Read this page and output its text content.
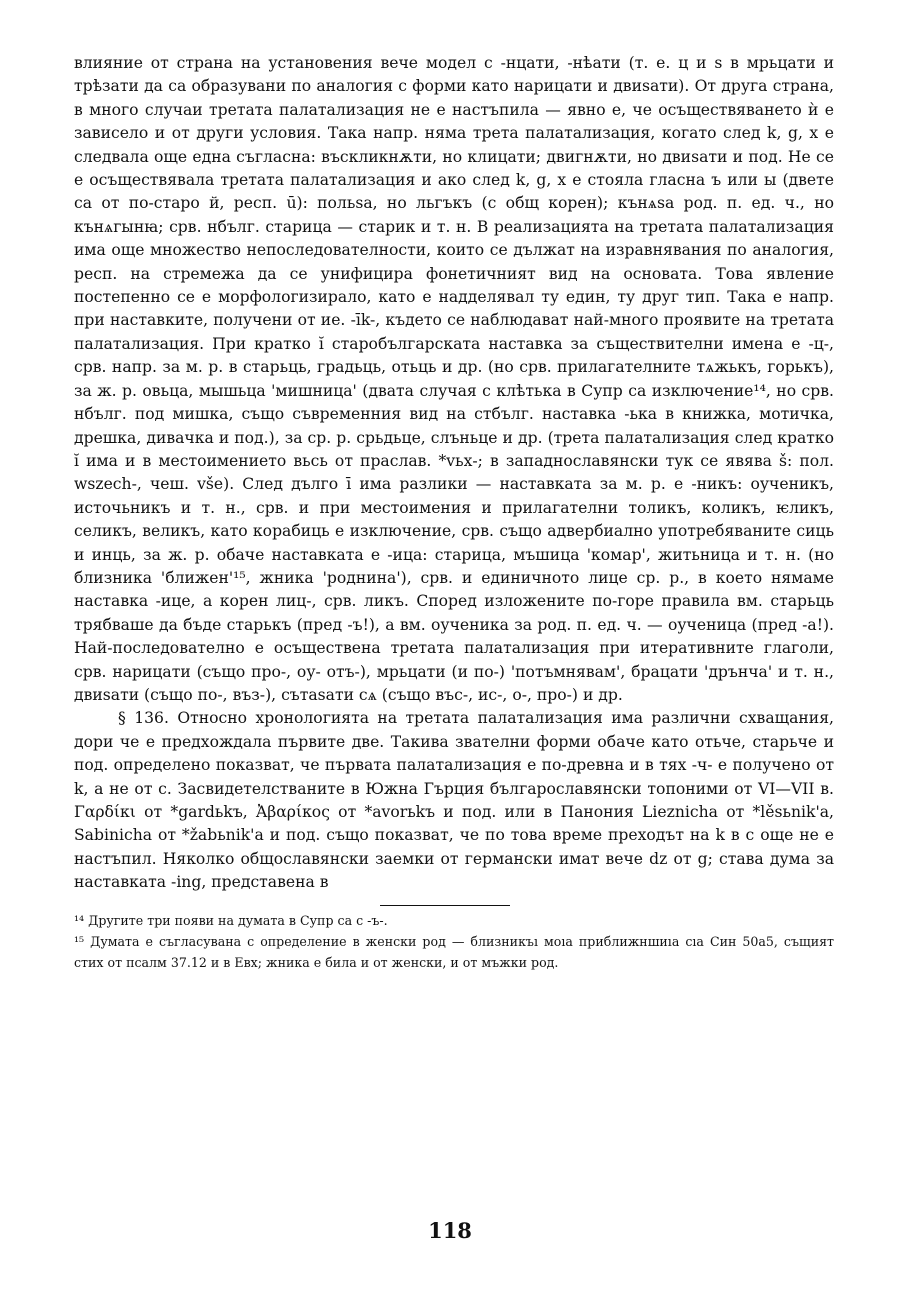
влияние от страна на установения вече модел с -нцати, -нѣати (т. е. ц и ѕ в мрьцати и трѣзати да са образувани по аналогия с форми като нарицати и двиѕати). От друга страна, в много случаи третата палатализация не е настъпила — явно е, че осъществяването ѝ е зависело и от други условия. Така напр. няма трета палатализация, когато след k, g, x е следвала още една съгласна: въскликнѫти, но клицати; двигнѫти, но двиѕати и под. Не се е осъществявала третата палатализация и ако след k, g, x е стояла гласна ъ или ы (двете са от по-старо й, респ. ū): польѕа, но льгъкъ (с общ корен); кънѧѕа род. п. ед. ч., но кънѧгынꙗ; срв. нбълг. старица — старик и т. н. В реализацията на третата палатализация има още множество непоследователности, които се дължат на изравнявания по аналогия, респ. на стремежа да се унифицира фонетичният вид на основата. Това явление постепенно се е морфологизирало, като е надделявал ту един, ту друг тип. Така е напр. при наставките, получени от ие. -īk-, където се наблюдават най-много проявите на третата палатализация. При кратко ĭ старобългарската наставка за съществителни имена е -ц-, срв. напр. за м. р. в старьць, градьць, отьць и др. (но срв. прилагателните тѧжькъ, горькъ), за ж. р. овьца, мышьца 'мишница' (двата случая с клѣтька в Супр са изключение¹⁴, но срв. нбълг. под мишка, също съвременния вид на стбълг. наставка -ька в книжка, мотичка, дрешка, дивачка и под.), за ср. р. срьдьце, слъньце и др. (трета палатализация след кратко ĭ има и в местоимението вьсь от праслав. *vьх-; в западнославянски тук се явява š: пол. wszech-, чеш. vše). След дълго ī има разлики — наставката за м. р. е -никъ: оученикъ, источьникъ и т. н., срв. и при местоимения и прилагателни толикъ, коликъ, ѥликъ, селикъ, великъ, като корабиць е изключение, срв. също адвербиално употребяваните сиць и инць, за ж. р. обаче наставката е -ица: старица, мъшица 'комар', житьница и т. н. (но близника 'ближен'¹⁵, жника 'роднина'), срв. и единичното лице ср. р., в което нямаме наставка -ице, а корен лиц-, срв. ликъ. Според изложените по-горе правила вм. старьць трябваше да бъде старькъ (пред -ъ!), а вм. оученика за род. п. ед. ч. — оученица (пред -а!). Най-последователно е осъществена третата палатализация при итеративните глаголи, срв. нарицати (също про-, оу- отъ-), мрьцати (и по-) 'потъмнявам', брацати 'дрънча' и т. н., двиѕати (също по-, въз-), сътаѕати сѧ (също въс-, ис-, о-, про-) и др.

§ 136. Относно хронологията на третата палатализация има различни схващания, дори че е предхождала първите две. Такива звателни форми обаче като отьче, старьче и под. определено показват, че първата палатализация е по-древна и в тях -ч- е получено от k, а не от c. Засвидетелстваните в Южна Гърция българославянски топоними от VI—VII в. Γαρδίκι от *gardьkъ, Ἀβαρίκος от *avorьkъ и под. или в Панония Lieznicha от *lěsьnik'a, Sabinicha от *žabьnik'a и под. също показват, че по това време преходът на k в c още не е настъпил. Няколко общославянски заемки от германски имат вече dz от g; става дума за наставката -ing, представена в

¹⁴ Другите три появи на думата в Супр са с -ъ-.

¹⁵ Думата е съгласувана с определение в женски род — близникъı моıа приближншиıа сıа Син 50а5, същият стих от псалм 37.12 и в Евх; жника е била и от женски, и от мъжки род.

118
